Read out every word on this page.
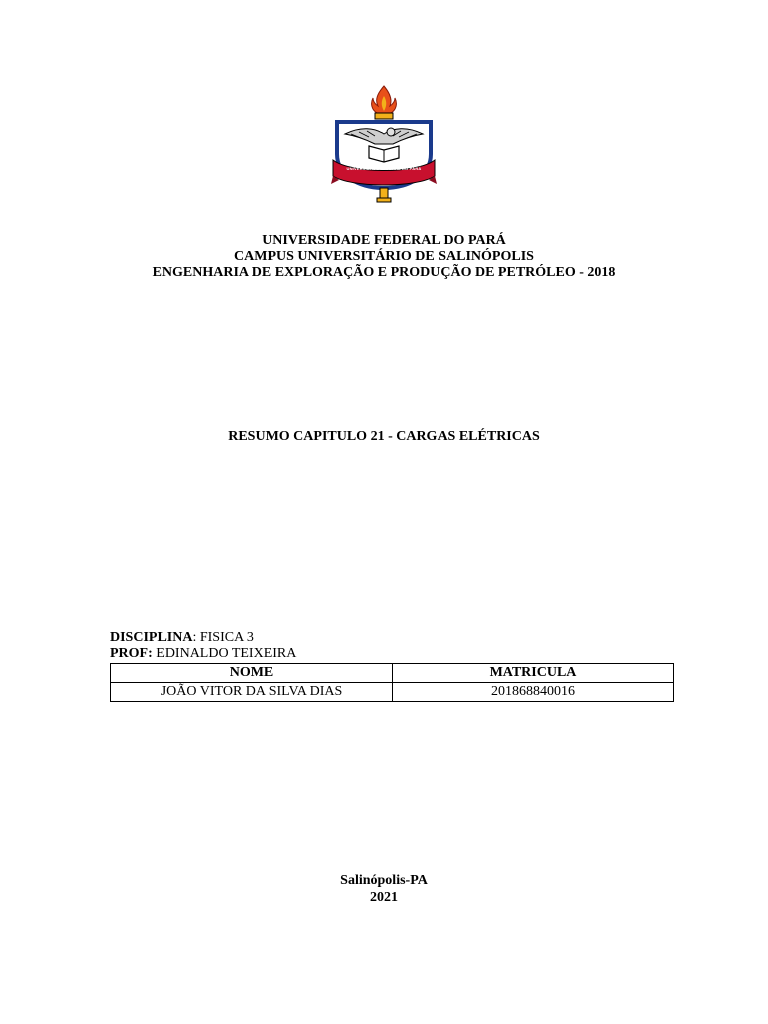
UNIVERSIDADE FEDERAL DO PARÁ
UNIVERSIDADE FEDERAL DO PARÁ
CAMPUS UNIVERSITÁRIO DE SALINÓPOLIS
ENGENHARIA DE EXPLORAÇÃO E PRODUÇÃO DE PETRÓLEO - 2018
RESUMO CAPITULO 21 - CARGAS ELÉTRICAS
DISCIPLINA: FISICA 3
PROF: EDINALDO TEIXEIRA
NOME	MATRICULA
JOÃO VITOR DA SILVA DIAS	201868840016
Salinópolis-PA
2021
